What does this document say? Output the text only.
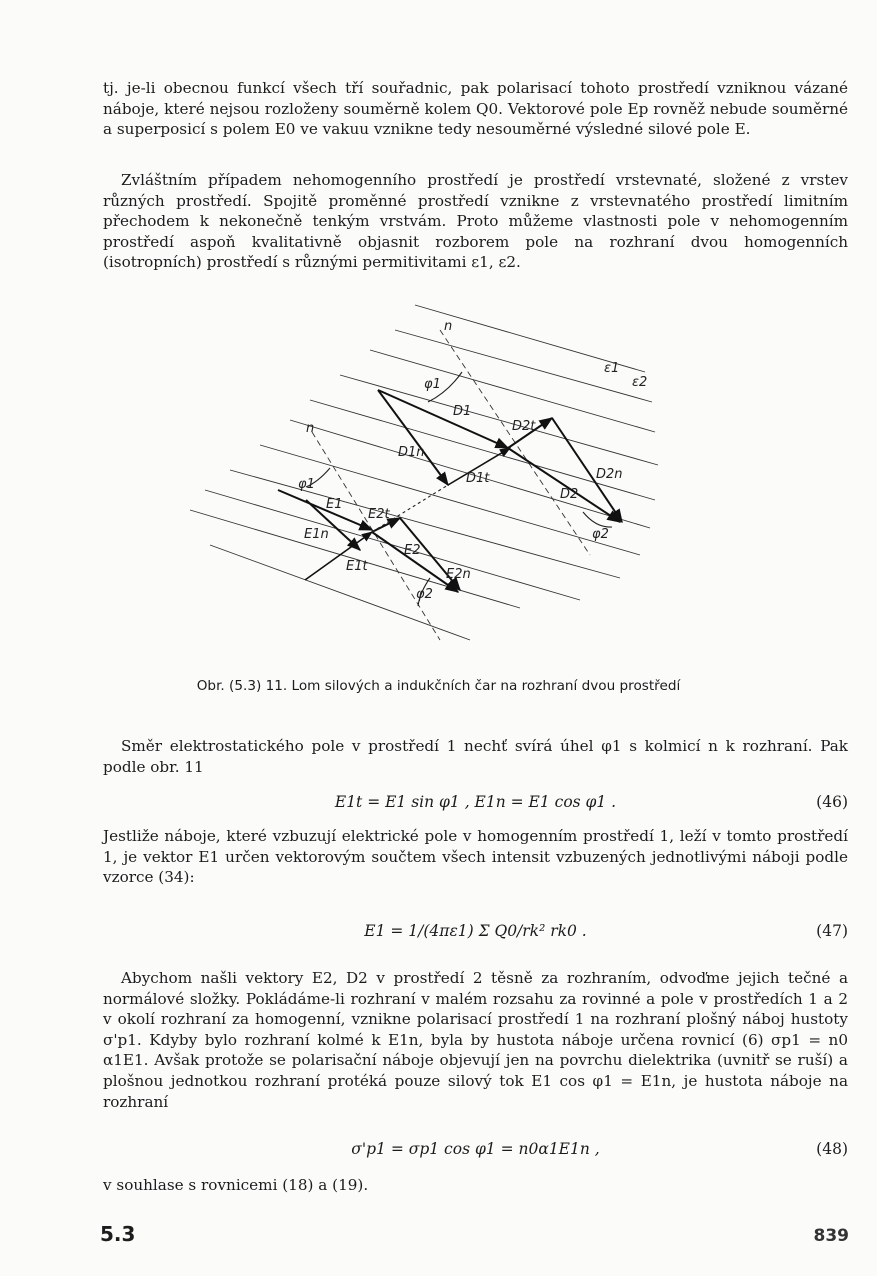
tj. je-li obecnou funkcí všech tří souřadnic, pak polarisací tohoto prostředí vzniknou vázané náboje, které nejsou rozloženy souměrně kolem Q0. Vektorové pole Ep rovněž nebude souměrné a superposicí s polem E0 ve vakuu vznikne tedy nesouměrné výsledné silové pole E.

Zvláštním případem nehomogenního prostředí je prostředí vrstevnaté, složené z vrstev různých prostředí. Spojitě proměnné prostředí vznikne z vrstevnatého prostředí limitním přechodem k nekonečně tenkým vrstvám. Proto můžeme vlastnosti pole v nehomogenním prostředí aspoň kvalitativně objasnit rozborem pole na rozhraní dvou homogenních (isotropních) prostředí s různými permitivitami ε1, ε2.

n
ε1
ε2
φ1
D1
D1n
D2t
D1t
D2
D2n
φ2
n
φ1
E1
E1n
E2t
E1t
E2
E2n
φ2
Obr. (5.3) 11. Lom silových a indukčních čar na rozhraní dvou prostředí

Směr elektrostatického pole v prostředí 1 nechť svírá úhel φ1 s kolmicí n k rozhraní. Pak podle obr. 11

E1t = E1 sin φ1 , E1n = E1 cos φ1 .	(46)

Jestliže náboje, které vzbuzují elektrické pole v homogenním prostředí 1, leží v tomto prostředí 1, je vektor E1 určen vektorovým součtem všech intensit vzbuzených jednotlivými náboji podle vzorce (34):

E1 = 1/(4πε1) Σ Q0/rk² rk0 .	(47)

Abychom našli vektory E2, D2 v prostředí 2 těsně za rozhraním, odvoďme jejich tečné a normálové složky. Pokládáme-li rozhraní v malém rozsahu za rovinné a pole v prostředích 1 a 2 v okolí rozhraní za homogenní, vznikne polarisací prostředí 1 na rozhraní plošný náboj hustoty σ'p1. Kdyby bylo rozhraní kolmé k E1n, byla by hustota náboje určena rovnicí (6) σp1 = n0 α1E1. Avšak protože se polarisační náboje objevují jen na povrchu dielektrika (uvnitř se ruší) a plošnou jednotkou rozhraní protéká pouze silový tok E1 cos φ1 = E1n, je hustota náboje na rozhraní

σ'p1 = σp1 cos φ1 = n0α1E1n ,	(48)

v souhlase s rovnicemi (18) a (19).

5.3	839
